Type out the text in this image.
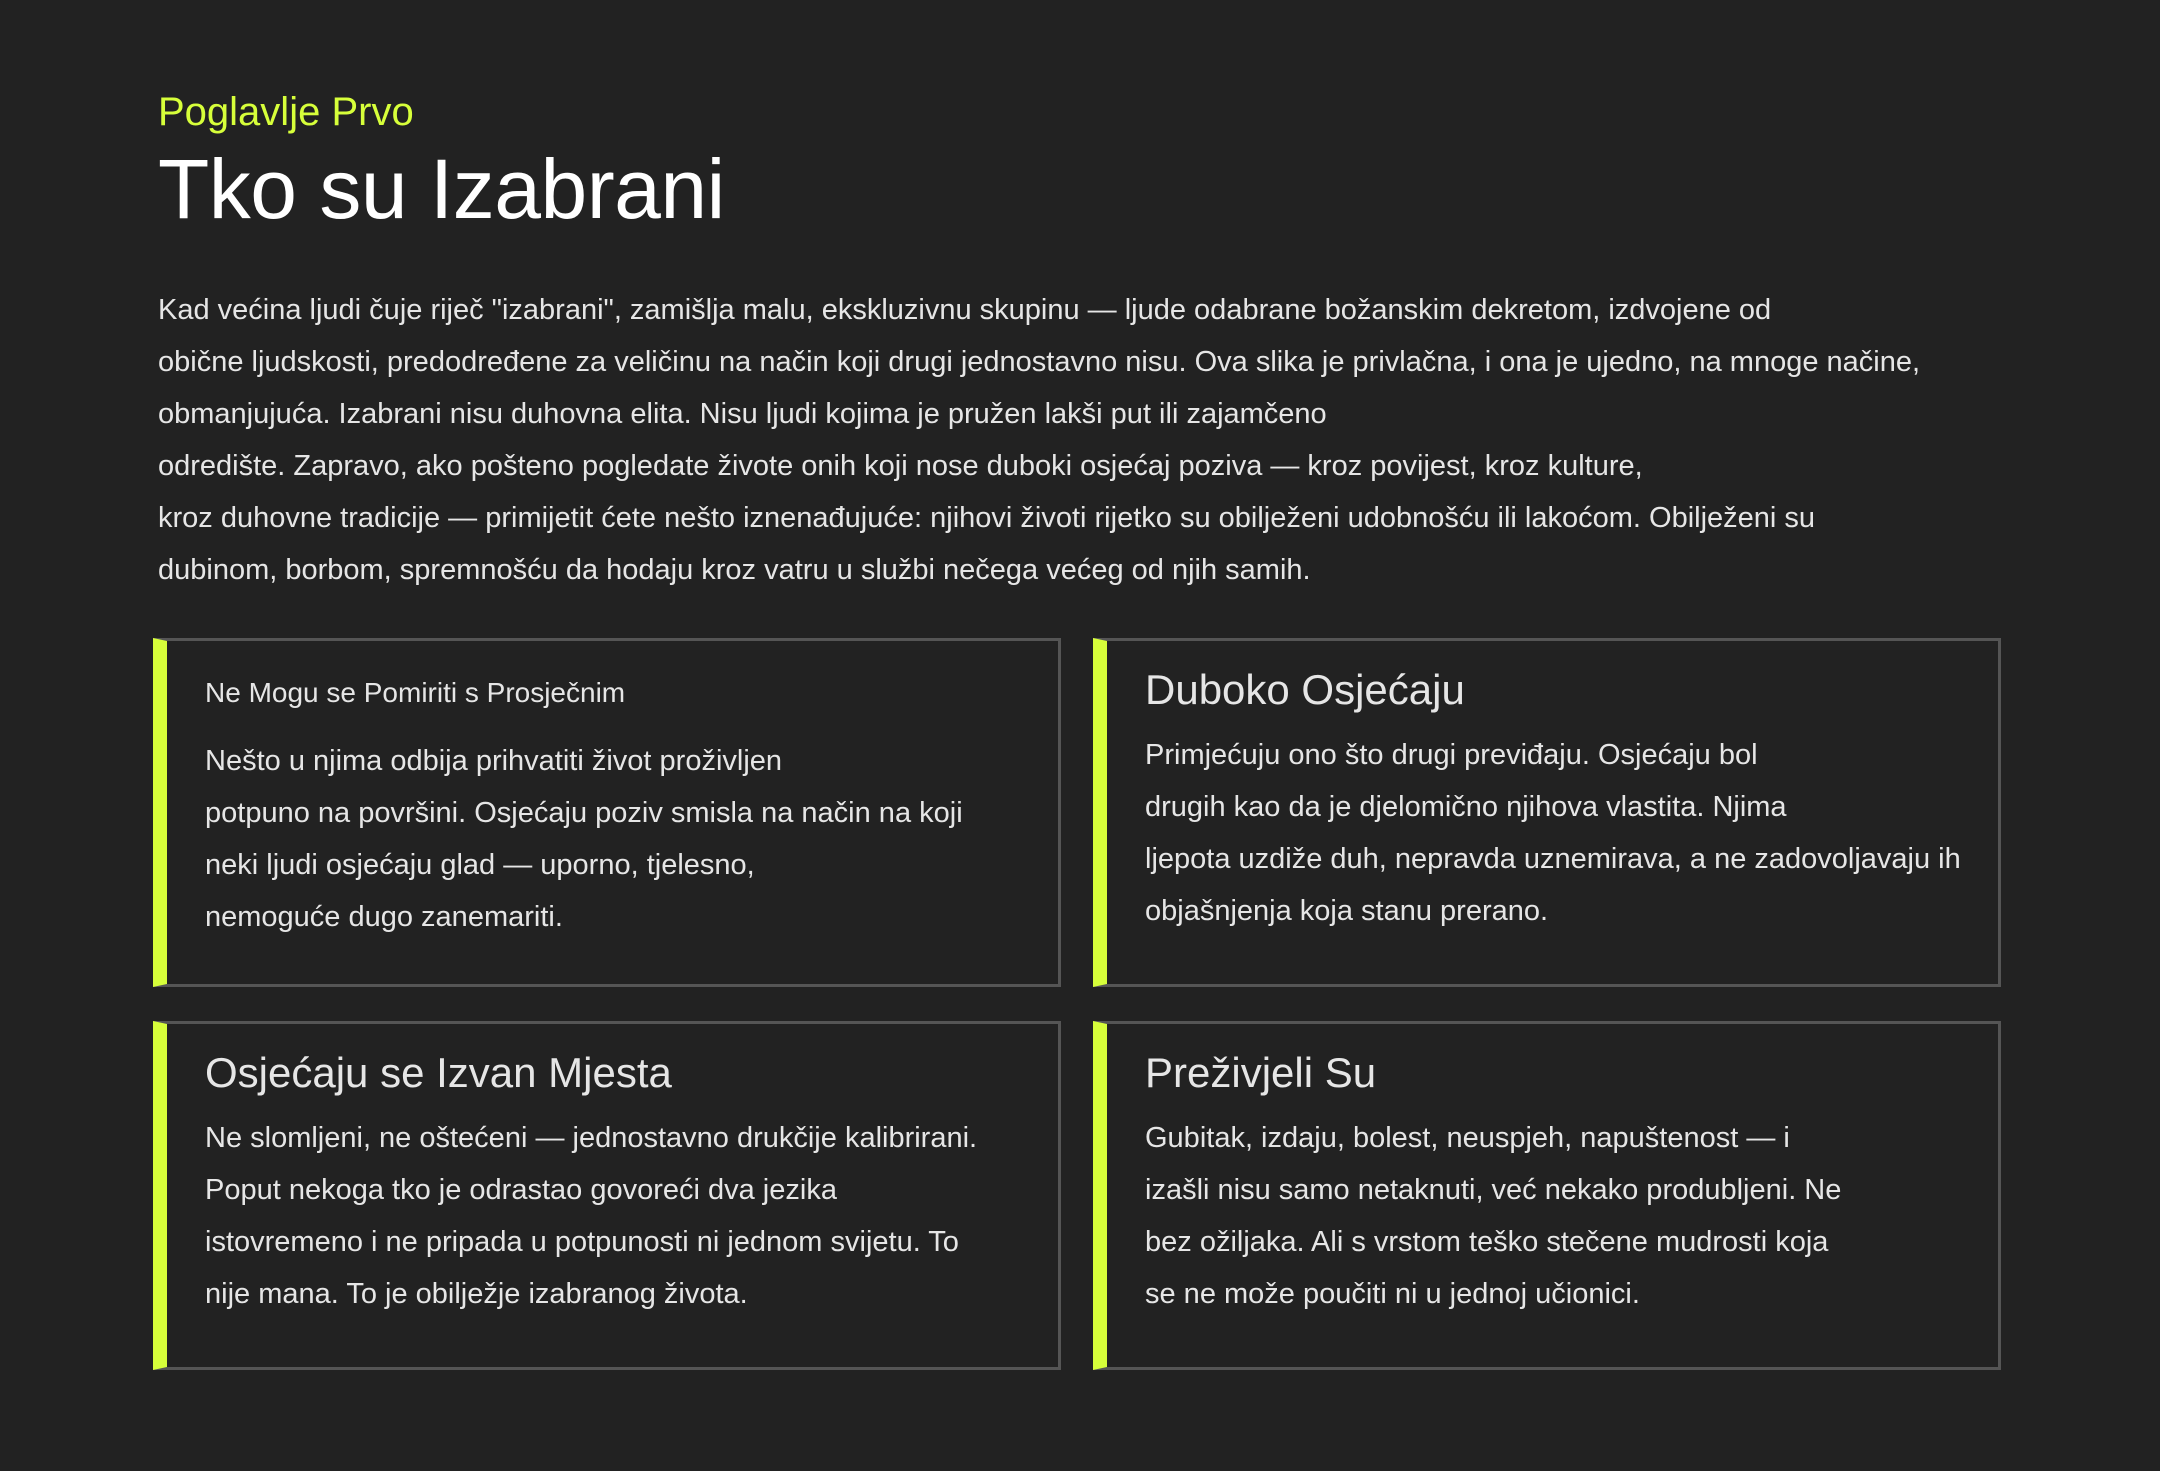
Poglavlje Prvo

Tko su Izabrani
Kad većina ljudi čuje riječ "izabrani", zamišlja malu, ekskluzivnu skupinu — ljude odabrane božanskim dekretom, izdvojene od
obične ljudskosti, predodređene za veličinu na način koji drugi jednostavno nisu. Ova slika je privlačna, i ona je ujedno, na mnoge načine,
obmanjujuća. Izabrani nisu duhovna elita. Nisu ljudi kojima je pružen lakši put ili zajamčeno
odredište. Zapravo, ako pošteno pogledate živote onih koji nose duboki osjećaj poziva — kroz povijest, kroz kulture,
kroz duhovne tradicije — primijetit ćete nešto iznenađujuće: njihovi životi rijetko su obilježeni udobnošću ili lakoćom. Obilježeni su
dubinom, borbom, spremnošću da hodaju kroz vatru u službi nečega većeg od njih samih.
Ne Mogu se Pomiriti s Prosječnim
Nešto u njima odbija prihvatiti život proživljen
potpuno na površini. Osjećaju poziv smisla na način na koji
neki ljudi osjećaju glad — uporno, tjelesno,
nemoguće dugo zanemariti.
Duboko Osjećaju
Primjećuju ono što drugi previđaju. Osjećaju bol
drugih kao da je djelomično njihova vlastita. Njima
ljepota uzdiže duh, nepravda uznemirava, a ne zadovoljavaju ih
objašnjenja koja stanu prerano.
Osjećaju se Izvan Mjesta
Ne slomljeni, ne oštećeni — jednostavno drukčije kalibrirani.
Poput nekoga tko je odrastao govoreći dva jezika
istovremeno i ne pripada u potpunosti ni jednom svijetu. To
nije mana. To je obilježje izabranog života.
Preživjeli Su
Gubitak, izdaju, bolest, neuspjeh, napuštenost — i
izašli nisu samo netaknuti, već nekako produbljeni. Ne
bez ožiljaka. Ali s vrstom teško stečene mudrosti koja
se ne može poučiti ni u jednoj učionici.
